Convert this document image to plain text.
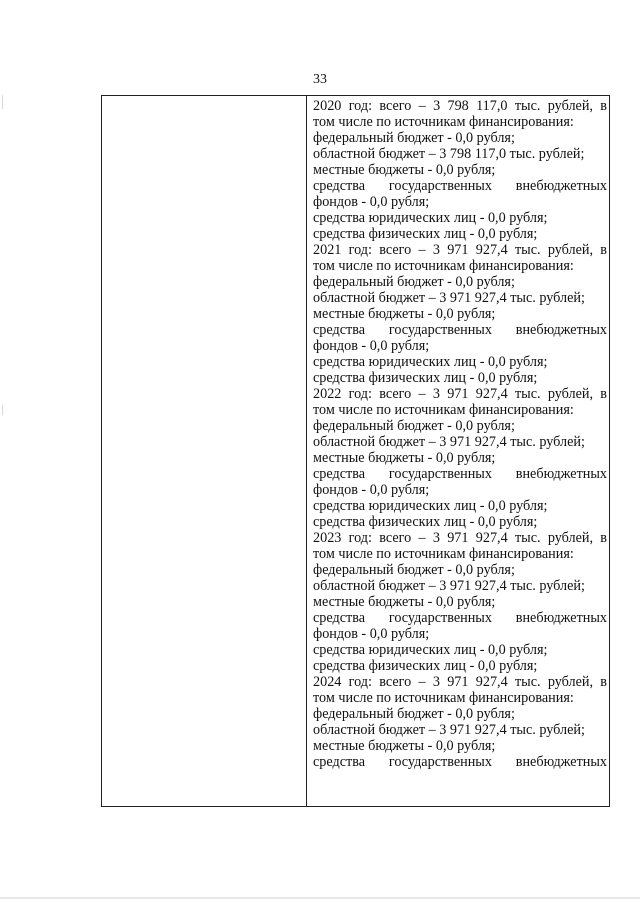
33
2020 год: всего – 3 798 117,0 тыс. рублей, в
том числе по источникам финансирования:
федеральный бюджет - 0,0 рубля;
областной бюджет – 3 798 117,0 тыс. рублей;
местные бюджеты - 0,0 рубля;
средства государственных внебюджетных
фондов - 0,0 рубля;
средства юридических лиц - 0,0 рубля;
средства физических лиц - 0,0 рубля;
2021 год: всего – 3 971 927,4 тыс. рублей, в
том числе по источникам финансирования:
федеральный бюджет - 0,0 рубля;
областной бюджет – 3 971 927,4 тыс. рублей;
местные бюджеты - 0,0 рубля;
средства государственных внебюджетных
фондов - 0,0 рубля;
средства юридических лиц - 0,0 рубля;
средства физических лиц - 0,0 рубля;
2022 год: всего – 3 971 927,4 тыс. рублей, в
том числе по источникам финансирования:
федеральный бюджет - 0,0 рубля;
областной бюджет – 3 971 927,4 тыс. рублей;
местные бюджеты - 0,0 рубля;
средства государственных внебюджетных
фондов - 0,0 рубля;
средства юридических лиц - 0,0 рубля;
средства физических лиц - 0,0 рубля;
2023 год: всего – 3 971 927,4 тыс. рублей, в
том числе по источникам финансирования:
федеральный бюджет - 0,0 рубля;
областной бюджет – 3 971 927,4 тыс. рублей;
местные бюджеты - 0,0 рубля;
средства государственных внебюджетных
фондов - 0,0 рубля;
средства юридических лиц - 0,0 рубля;
средства физических лиц - 0,0 рубля;
2024 год: всего – 3 971 927,4 тыс. рублей, в
том числе по источникам финансирования:
федеральный бюджет - 0,0 рубля;
областной бюджет – 3 971 927,4 тыс. рублей;
местные бюджеты - 0,0 рубля;
средства государственных внебюджетных
